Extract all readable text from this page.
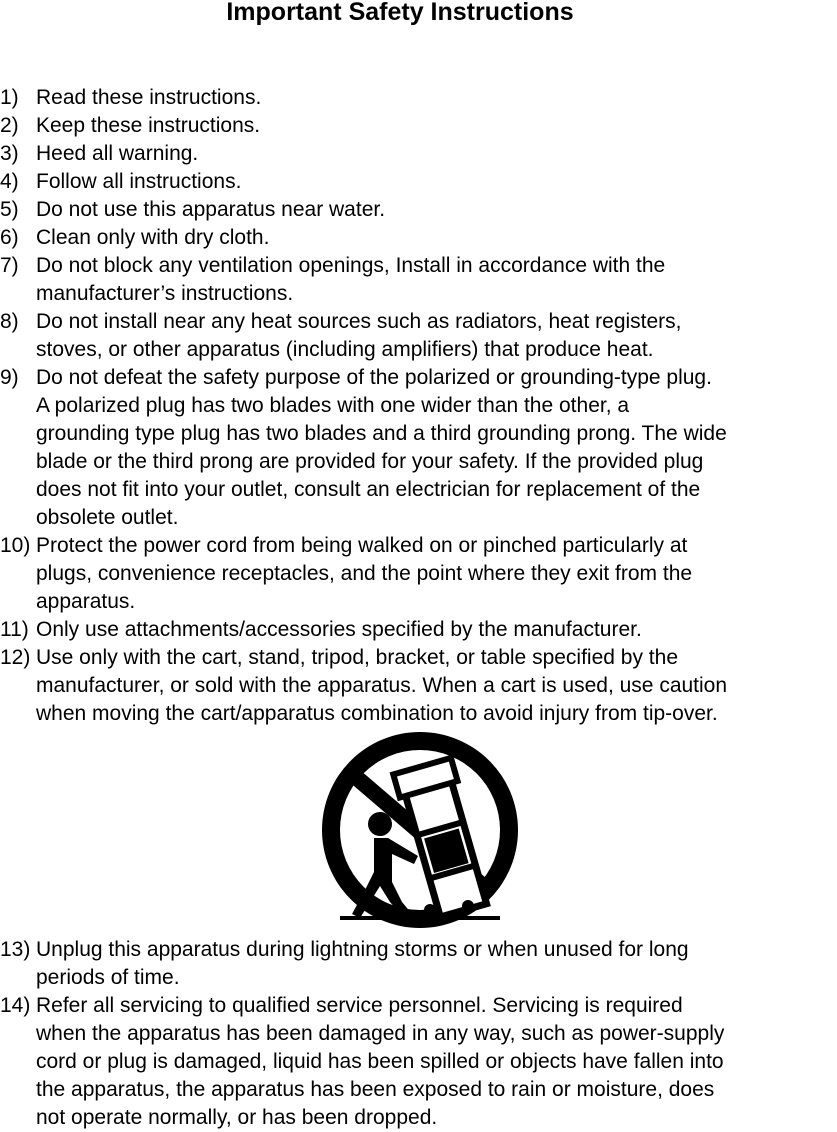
Important Safety Instructions
1) Read these instructions.
2) Keep these instructions.
3) Heed all warning.
4) Follow all instructions.
5) Do not use this apparatus near water.
6) Clean only with dry cloth.
7) Do not block any ventilation openings, Install in accordance with the
manufacturer’s instructions.
8) Do not install near any heat sources such as radiators, heat registers,
stoves, or other apparatus (including amplifiers) that produce heat.
9) Do not defeat the safety purpose of the polarized or grounding-type plug.
A polarized plug has two blades with one wider than the other, a
grounding type plug has two blades and a third grounding prong. The wide
blade or the third prong are provided for your safety. If the provided plug
does not fit into your outlet, consult an electrician for replacement of the
obsolete outlet.
10) Protect the power cord from being walked on or pinched particularly at
plugs, convenience receptacles, and the point where they exit from the
apparatus.
11) Only use attachments/accessories specified by the manufacturer.
12) Use only with the cart, stand, tripod, bracket, or table specified by the
manufacturer, or sold with the apparatus. When a cart is used, use caution
when moving the cart/apparatus combination to avoid injury from tip-over.
13) Unplug this apparatus during lightning storms or when unused for long
periods of time.
14) Refer all servicing to qualified service personnel. Servicing is required
when the apparatus has been damaged in any way, such as power-supply
cord or plug is damaged, liquid has been spilled or objects have fallen into
the apparatus, the apparatus has been exposed to rain or moisture, does
not operate normally, or has been dropped.
